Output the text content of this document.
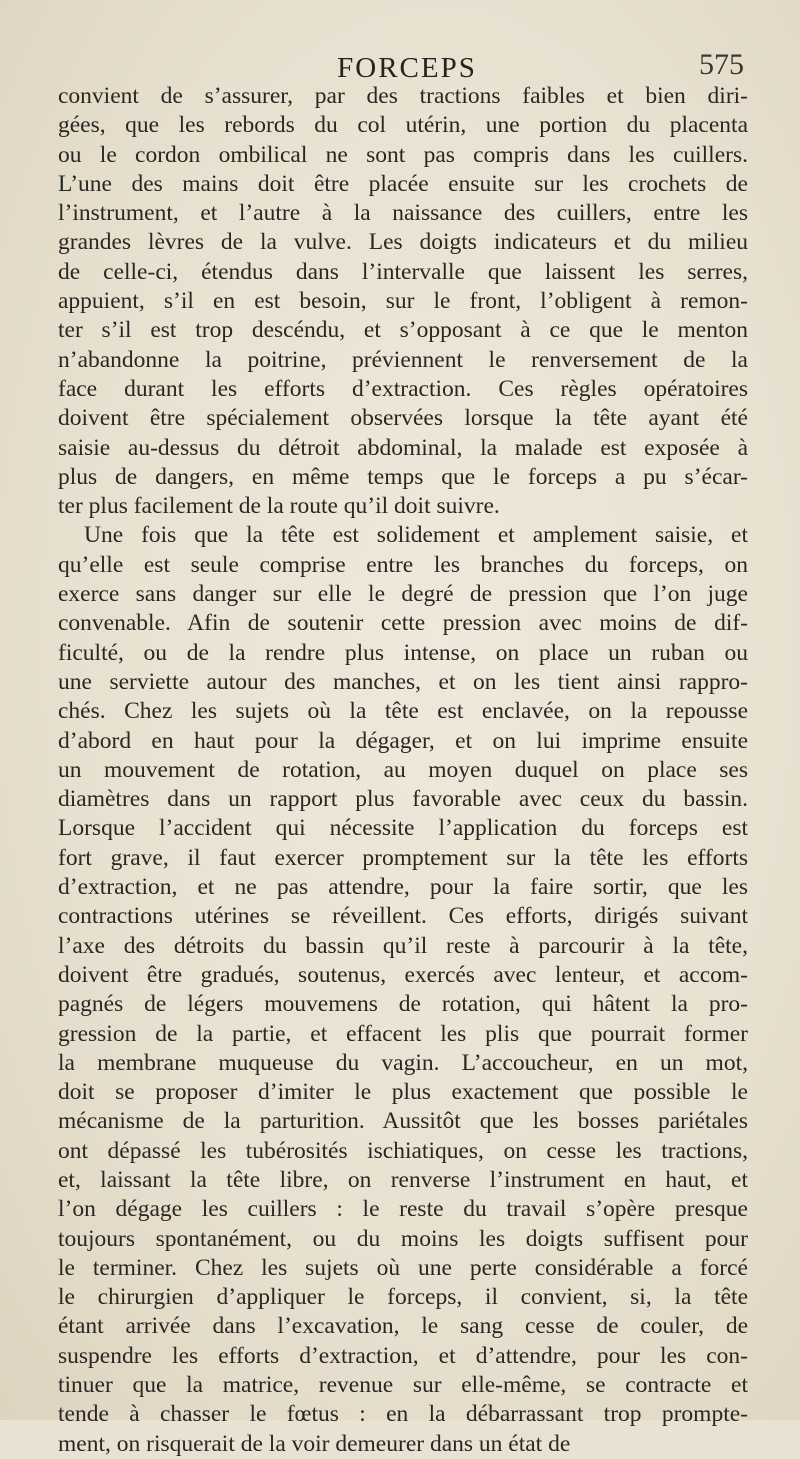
FORCEPS	575
convient de s’assurer, par des tractions faibles et bien diri-
gées, que les rebords du col utérin, une portion du placenta
ou le cordon ombilical ne sont pas compris dans les cuillers.
L’une des mains doit être placée ensuite sur les crochets de
l’instrument, et l’autre à la naissance des cuillers, entre les
grandes lèvres de la vulve. Les doigts indicateurs et du milieu
de celle-ci, étendus dans l’intervalle que laissent les serres,
appuient, s’il en est besoin, sur le front, l’obligent à remon-
ter s’il est trop descéndu, et s’opposant à ce que le menton
n’abandonne la poitrine, préviennent le renversement de la
face durant les efforts d’extraction. Ces règles opératoires
doivent être spécialement observées lorsque la tête ayant été
saisie au-dessus du détroit abdominal, la malade est exposée à
plus de dangers, en même temps que le forceps a pu s’écar-
ter plus facilement de la route qu’il doit suivre.
Une fois que la tête est solidement et amplement saisie, et
qu’elle est seule comprise entre les branches du forceps, on
exerce sans danger sur elle le degré de pression que l’on juge
convenable. Afin de soutenir cette pression avec moins de dif-
ficulté, ou de la rendre plus intense, on place un ruban ou
une serviette autour des manches, et on les tient ainsi rappro-
chés. Chez les sujets où la tête est enclavée, on la repousse
d’abord en haut pour la dégager, et on lui imprime ensuite
un mouvement de rotation, au moyen duquel on place ses
diamètres dans un rapport plus favorable avec ceux du bassin.
Lorsque l’accident qui nécessite l’application du forceps est
fort grave, il faut exercer promptement sur la tête les efforts
d’extraction, et ne pas attendre, pour la faire sortir, que les
contractions utérines se réveillent. Ces efforts, dirigés suivant
l’axe des détroits du bassin qu’il reste à parcourir à la tête,
doivent être gradués, soutenus, exercés avec lenteur, et accom-
pagnés de légers mouvemens de rotation, qui hâtent la pro-
gression de la partie, et effacent les plis que pourrait former
la membrane muqueuse du vagin. L’accoucheur, en un mot,
doit se proposer d’imiter le plus exactement que possible le
mécanisme de la parturition. Aussitôt que les bosses pariétales
ont dépassé les tubérosités ischiatiques, on cesse les tractions,
et, laissant la tête libre, on renverse l’instrument en haut, et
l’on dégage les cuillers : le reste du travail s’opère presque
toujours spontanément, ou du moins les doigts suffisent pour
le terminer. Chez les sujets où une perte considérable a forcé
le chirurgien d’appliquer le forceps, il convient, si, la tête
étant arrivée dans l’excavation, le sang cesse de couler, de
suspendre les efforts d’extraction, et d’attendre, pour les con-
tinuer que la matrice, revenue sur elle-même, se contracte et
tende à chasser le fœtus : en la débarrassant trop prompte-
ment, on risquerait de la voir demeurer dans un état de
